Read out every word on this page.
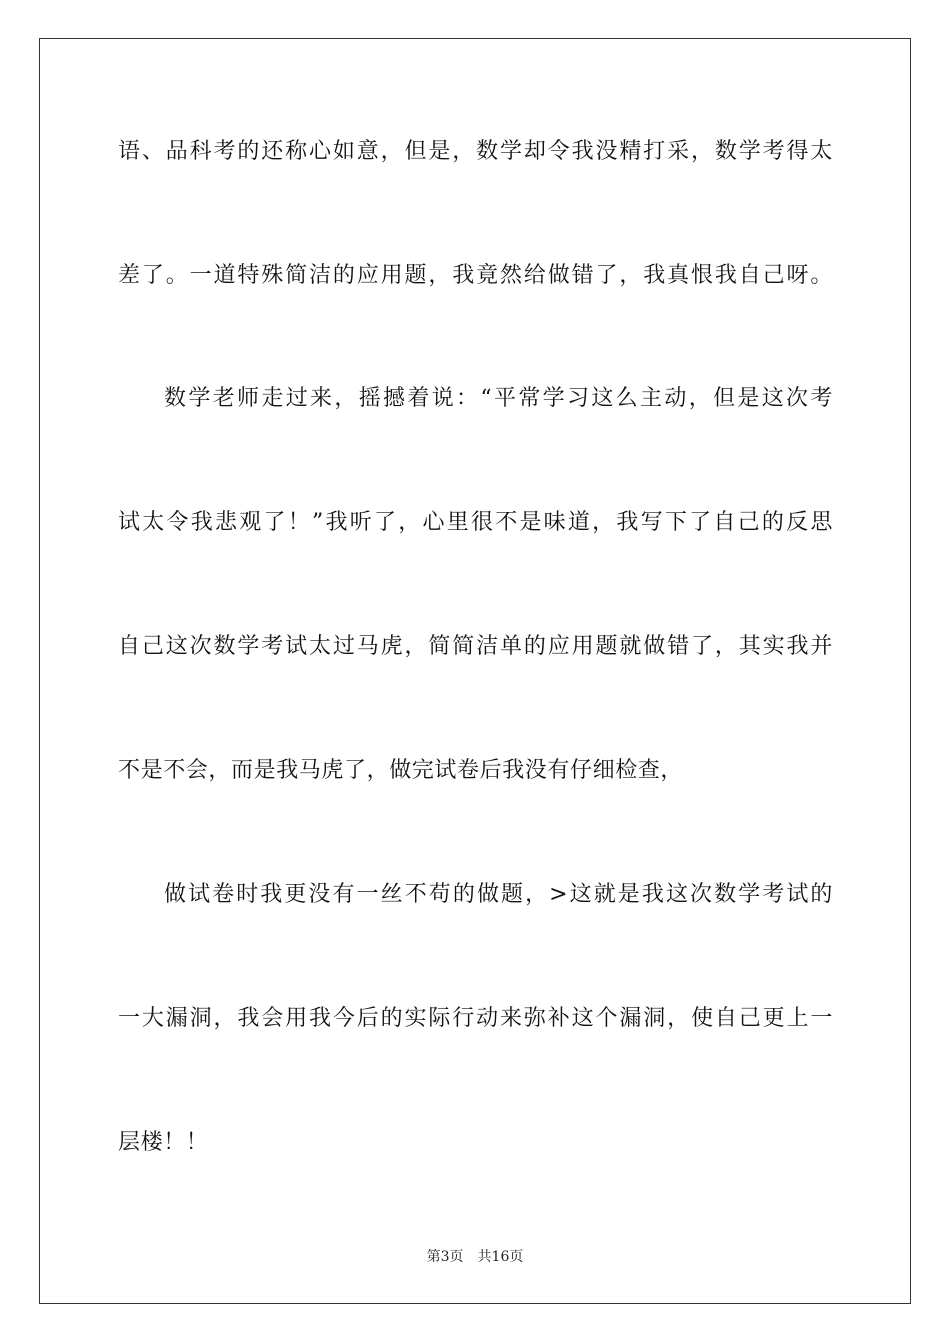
语、品科考的还称心如意，但是，数学却令我没精打采，数学考得太
差了。一道特殊简洁的应用题，我竟然给做错了，我真恨我自己呀。
数学老师走过来，摇撼着说：“平常学习这么主动，但是这次考
试太令我悲观了！”我听了，心里很不是味道，我写下了自己的反思
自己这次数学考试太过马虎，简简洁单的应用题就做错了，其实我并
不是不会，而是我马虎了，做完试卷后我没有仔细检查，
做试卷时我更没有一丝不苟的做题，>这就是我这次数学考试的
一大漏洞，我会用我今后的实际行动来弥补这个漏洞，使自己更上一
层楼！！
第3页 共16页
